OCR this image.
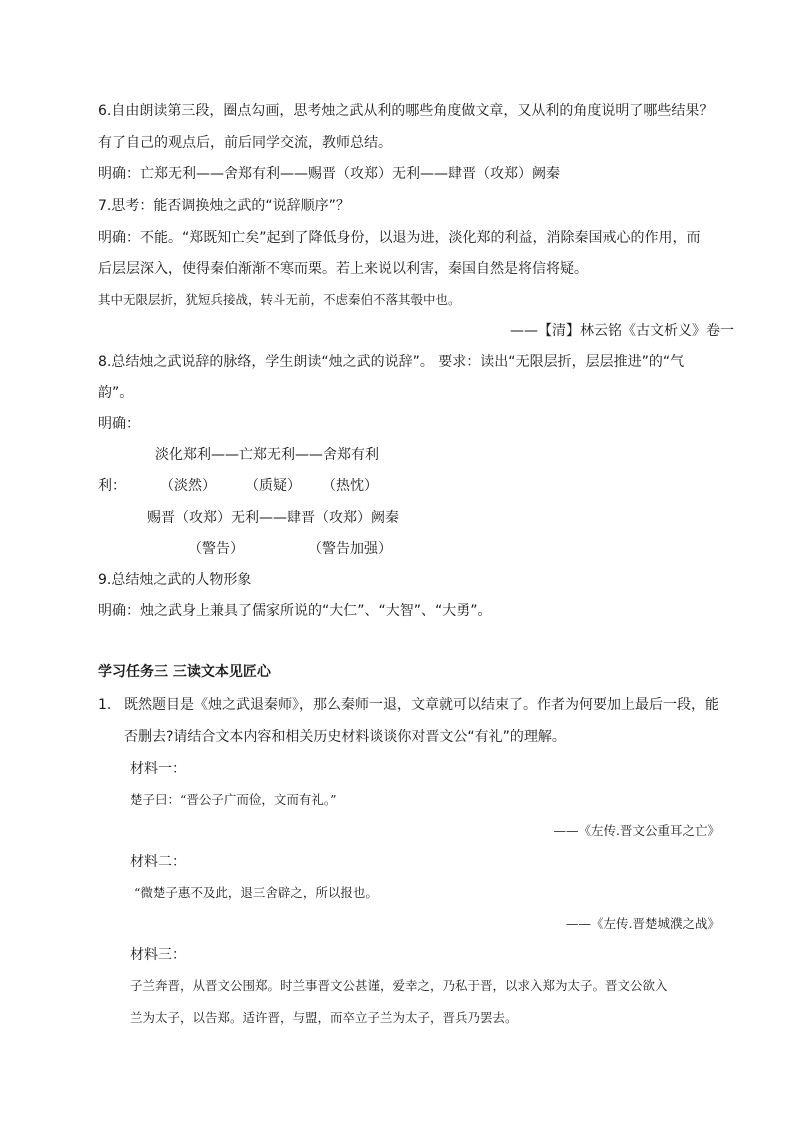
6.自由朗读第三段，圈点勾画，思考烛之武从利的哪些角度做文章，又从利的角度说明了哪些结果？
有了自己的观点后，前后同学交流，教师总结。
明确：亡郑无利——舍郑有利——赐晋（攻郑）无利——肆晋（攻郑）阙秦
7.思考：能否调换烛之武的“说辞顺序”？
明确：不能。“郑既知亡矣”起到了降低身份，以退为进，淡化郑的利益，消除秦国戒心的作用，而
后层层深入，使得秦伯渐渐不寒而栗。若上来说以利害，秦国自然是将信将疑。
其中无限层折，犹短兵接战，转斗无前，不虑秦伯不落其彀中也。
——【清】林云铭《古文析义》卷一
8.总结烛之武说辞的脉络，学生朗读“烛之武的说辞”。 要求：读出“无限层折，层层推进”的“气
韵”。
明确：
淡化郑利——亡郑无利——舍郑有利
利： （淡然） （质疑） （热忱）
赐晋（攻郑）无利——肆晋（攻郑）阙秦
（警告）	（警告加强）
9.总结烛之武的人物形象
明确：烛之武身上兼具了儒家所说的“大仁”、“大智”、“大勇”。
学习任务三 三读文本见匠心
1. 既然题目是《烛之武退秦师》，那么秦师一退，文章就可以结束了。作者为何要加上最后一段，能
否删去?请结合文本内容和相关历史材料谈谈你对晋文公“有礼”的理解。
材料一：
楚子曰：“晋公子广而俭，文而有礼。”
——《左传.晋文公重耳之亡》
材料二：
“微楚子惠不及此，退三舍辟之，所以报也。
——《左传.晋楚城濮之战》
材料三：
子兰奔晋，从晋文公围郑。时兰事晋文公甚谨，爱幸之，乃私于晋，以求入郑为太子。晋文公欲入
兰为太子，以告郑。适许晋，与盟，而卒立子兰为太子，晋兵乃罢去。
